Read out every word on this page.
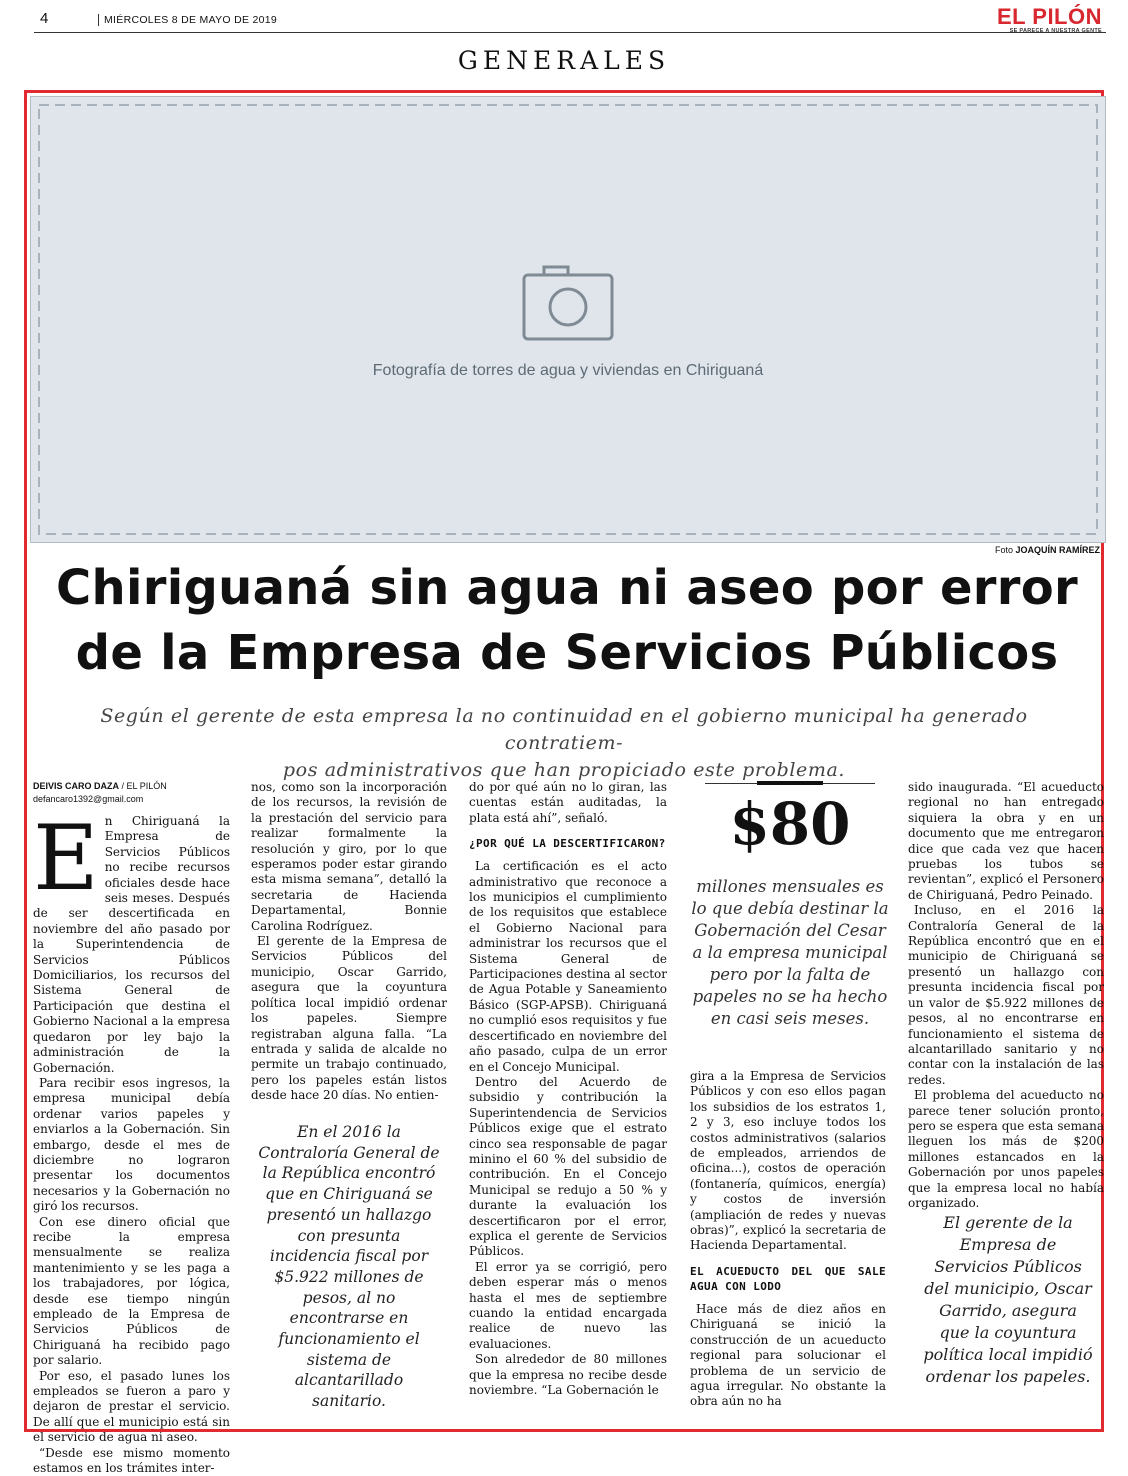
4	MIÉRCOLES 8 DE MAYO DE 2019	EL PILÓN
SE PARECE A NUESTRA GENTE
GENERALES
Fotografía de torres de agua y viviendas en Chiriguaná
Foto JOAQUÍN RAMÍREZ
Chiriguaná sin agua ni aseo por error
de la Empresa de Servicios Públicos
Según el gerente de esta empresa la no continuidad en el gobierno municipal ha generado contratiem-
pos administrativos que han propiciado este problema.
DEIVIS CARO DAZA / EL PILÓN
defancaro1392@gmail.com
E n Chiriguaná la Empresa de Servicios Públicos no recibe recursos oficiales desde hace seis meses. Después de ser descertificada en noviembre del año pasado por la Superintendencia de Servicios Públicos Domiciliarios, los recursos del Sistema General de Participación que destina el Gobierno Nacional a la empresa quedaron por ley bajo la administración de la Gobernación.

Para recibir esos ingresos, la empresa municipal debía ordenar varios papeles y enviarlos a la Gobernación. Sin embargo, desde el mes de diciembre no lograron presentar los documentos necesarios y la Gobernación no giró los recursos.

Con ese dinero oficial que recibe la empresa mensualmente se realiza mantenimiento y se les paga a los trabajadores, por lógica, desde ese tiempo ningún empleado de la Empresa de Servicios Públicos de Chiriguaná ha recibido pago por salario.

Por eso, el pasado lunes los empleados se fueron a paro y dejaron de prestar el servicio. De allí que el municipio está sin el servicio de agua ni aseo.

“Desde ese mismo momento estamos en los trámites inter-

nos, como son la incorporación de los recursos, la revisión de la prestación del servicio para realizar formalmente la resolución y giro, por lo que esperamos poder estar girando esta misma semana”, detalló la secretaria de Hacienda Departamental, Bonnie Carolina Rodríguez.

El gerente de la Empresa de Servicios Públicos del municipio, Oscar Garrido, asegura que la coyuntura política local impidió ordenar los papeles. Siempre registraban alguna falla. “La entrada y salida de alcalde no permite un trabajo continuado, pero los papeles están listos desde hace 20 días. No entien-

En el 2016 la Contraloría General de la República encontró que en Chiriguaná se presentó un hallazgo con presunta incidencia fiscal por $5.922 millones de pesos, al no encontrarse en funcionamiento el sistema de alcantarillado sanitario.

do por qué aún no lo giran, las cuentas están auditadas, la plata está ahí”, señaló.

¿POR QUÉ LA DESCERTIFICARON?

La certificación es el acto administrativo que reconoce a los municipios el cumplimiento de los requisitos que establece el Gobierno Nacional para administrar los recursos que el Sistema General de Participaciones destina al sector de Agua Potable y Saneamiento Básico (SGP-APSB). Chiriguaná no cumplió esos requisitos y fue descertificado en noviembre del año pasado, culpa de un error en el Concejo Municipal.

Dentro del Acuerdo de subsidio y contribución la Superintendencia de Servicios Públicos exige que el estrato cinco sea responsable de pagar minino el 60 % del subsidio de contribución. En el Concejo Municipal se redujo a 50 % y durante la evaluación los descertificaron por el error, explica el gerente de Servicios Públicos.

El error ya se corrigió, pero deben esperar más o menos hasta el mes de septiembre cuando la entidad encargada realice de nuevo las evaluaciones.

Son alrededor de 80 millones que la empresa no recibe desde noviembre. “La Gobernación le

$80
millones mensuales es lo que debía destinar la Gobernación del Cesar a la empresa municipal pero por la falta de papeles no se ha hecho en casi seis meses.

gira a la Empresa de Servicios Públicos y con eso ellos pagan los subsidios de los estratos 1, 2 y 3, eso incluye todos los costos administrativos (salarios de empleados, arriendos de oficina...), costos de operación (fontanería, químicos, energía) y costos de inversión (ampliación de redes y nuevas obras)”, explicó la secretaria de Hacienda Departamental.

EL ACUEDUCTO DEL QUE SALE AGUA CON LODO

Hace más de diez años en Chiriguaná se inició la construcción de un acueducto regional para solucionar el problema de un servicio de agua irregular. No obstante la obra aún no ha

sido inaugurada. “El acueducto regional no han entregado siquiera la obra y en un documento que me entregaron dice que cada vez que hacen pruebas los tubos se revientan”, explicó el Personero de Chiriguaná, Pedro Peinado.

Incluso, en el 2016 la Contraloría General de la República encontró que en el municipio de Chiriguaná se presentó un hallazgo con presunta incidencia fiscal por un valor de $5.922 millones de pesos, al no encontrarse en funcionamiento el sistema de alcantarillado sanitario y no contar con la instalación de las redes.

El problema del acueducto no parece tener solución pronto, pero se espera que esta semana lleguen los más de $200 millones estancados en la Gobernación por unos papeles que la empresa local no había organizado.

El gerente de la Empresa de Servicios Públicos del municipio, Oscar Garrido, asegura que la coyuntura política local impidió ordenar los papeles.
